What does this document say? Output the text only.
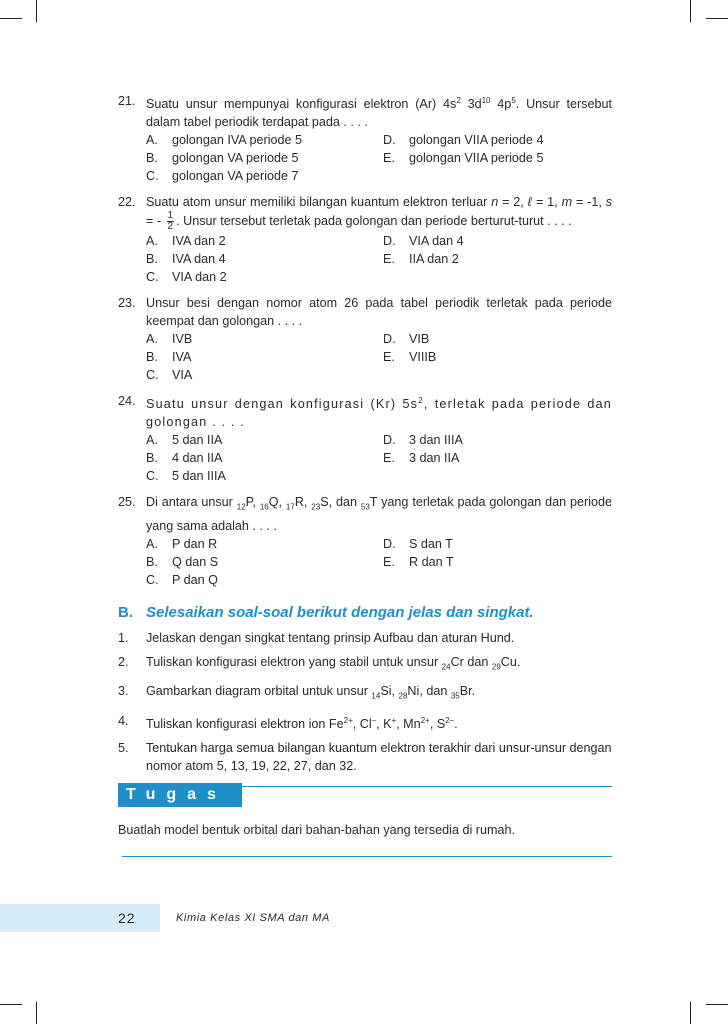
21. Suatu unsur mempunyai konfigurasi elektron (Ar) $4s^2$ $3d^{10}$ $4p^5$. Unsur tersebut dalam tabel periodik terdapat pada . . . .
A. golongan IVA periode 5
B. golongan VA periode 5
C. golongan VA periode 7
D. golongan VIIA periode 4
E. golongan VIIA periode 5
22. Suatu atom unsur memiliki bilangan kuantum elektron terluar n = 2, ℓ = 1, m = -1, s = - $\frac{1}{2}$ . Unsur tersebut terletak pada golongan dan periode berturut-turut . . . .
A. IVA dan 2
B. IVA dan 4
C. VIA dan 2
D. VIA dan 4
E. IIA dan 2
23. Unsur besi dengan nomor atom 26 pada tabel periodik terletak pada periode keempat dan golongan . . . .
A. IVB
B. IVA
C. VIA
D. VIB
E. VIIIB
24. Suatu unsur dengan konfigurasi (Kr) $5s^2$, terletak pada periode dan golongan . . . .
A. 5 dan IIA
B. 4 dan IIA
C. 5 dan IIIA
D. 3 dan IIIA
E. 3 dan IIA
25. Di antara unsur $_{12}$P, $_{16}$Q, $_{17}$R, $_{23}$S, dan $_{53}$T yang terletak pada golongan dan periode yang sama adalah . . . .
A. P dan R
B. Q dan S
C. P dan Q
D. S dan T
E. R dan T
B. Selesaikan soal-soal berikut dengan jelas dan singkat.
1. Jelaskan dengan singkat tentang prinsip Aufbau dan aturan Hund.
2. Tuliskan konfigurasi elektron yang stabil untuk unsur $_{24}$Cr dan $_{29}$Cu.
3. Gambarkan diagram orbital untuk unsur $_{14}$Si, $_{28}$Ni, dan $_{35}$Br.
4. Tuliskan konfigurasi elektron ion $Fe^{2+}$, Cl–, K+, $Mn^{2+}$, $S^{2-}$.
5. Tentukan harga semua bilangan kuantum elektron terakhir dari unsur-unsur dengan nomor atom 5, 13, 19, 22, 27, dan 32.
Tugas
Buatlah model bentuk orbital dari bahan-bahan yang tersedia di rumah.
22	Kimia Kelas XI SMA dan MA
